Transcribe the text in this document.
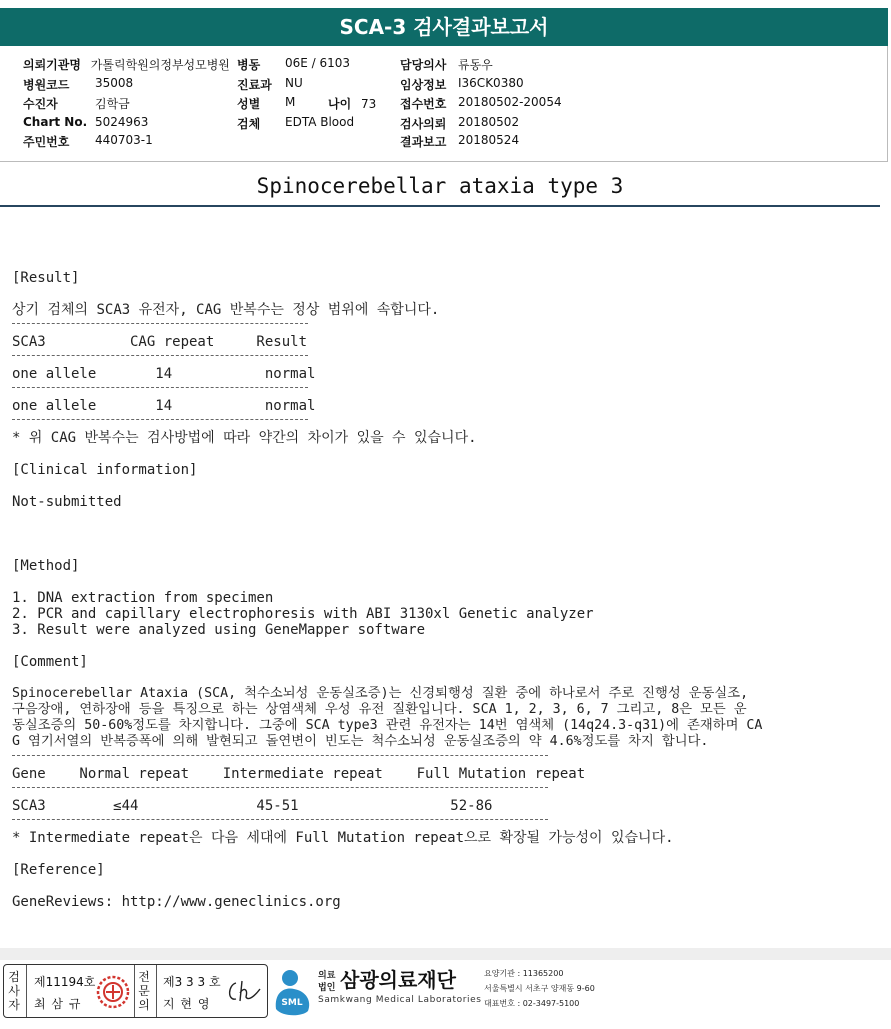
SCA-3 검사결과보고서
의뢰기관명 가톨릭학원의정부성모병원
병원코드 35008
수진자	김학금
Chart No. 5024963
주민번호 440703-1
병동 06E / 6103
진료과 NU
성별 M	나이 73
검체 EDTA Blood
담당의사 류동우
임상정보 I36CK0380
접수번호 20180502-20054
검사의뢰 20180502
결과보고 20180524
Spinocerebellar ataxia type 3
[Result]
상기 검체의 SCA3 유전자, CAG 반복수는 정상 범위에 속합니다.
SCA3          CAG repeat     Result
one allele       14           normal
one allele       14           normal
* 위 CAG 반복수는 검사방법에 따라 약간의 차이가 있을 수 있습니다.
[Clinical information]
Not-submitted
[Method]
1. DNA extraction from specimen
2. PCR and capillary electrophoresis with ABI 3130xl Genetic analyzer
3. Result were analyzed using GeneMapper software
[Comment]
Spinocerebellar Ataxia (SCA, 척수소뇌성 운동실조증)는 신경퇴행성 질환 중에 하나로서 주로 진행성 운동실조,
구음장애, 연하장애 등을 특징으로 하는 상염색체 우성 유전 질환입니다. SCA 1, 2, 3, 6, 7 그리고, 8은 모든 운
동실조증의 50-60%정도를 차지합니다. 그중에 SCA type3 관련 유전자는 14번 염색체 (14q24.3-q31)에 존재하며 CA
G 염기서열의 반복증폭에 의해 발현되고 돌연변이 빈도는 척수소뇌성 운동실조증의 약 4.6%정도를 차지 합니다.
Gene    Normal repeat    Intermediate repeat    Full Mutation repeat
SCA3        ≤44              45-51                  52-86
* Intermediate repeat은 다음 세대에 Full Mutation repeat으로 확장될 가능성이 있습니다.
[Reference]
GeneReviews: http://www.geneclinics.org
검사자
제11194호
최 삼 규
전문의
제3 3 3 호
지 현 영	SML
의료
법인 삼광의료재단
Samkwang Medical Laboratories
요양기관 : 11365200
서울특별시 서초구 양재동 9-60
대표번호 : 02-3497-5100
